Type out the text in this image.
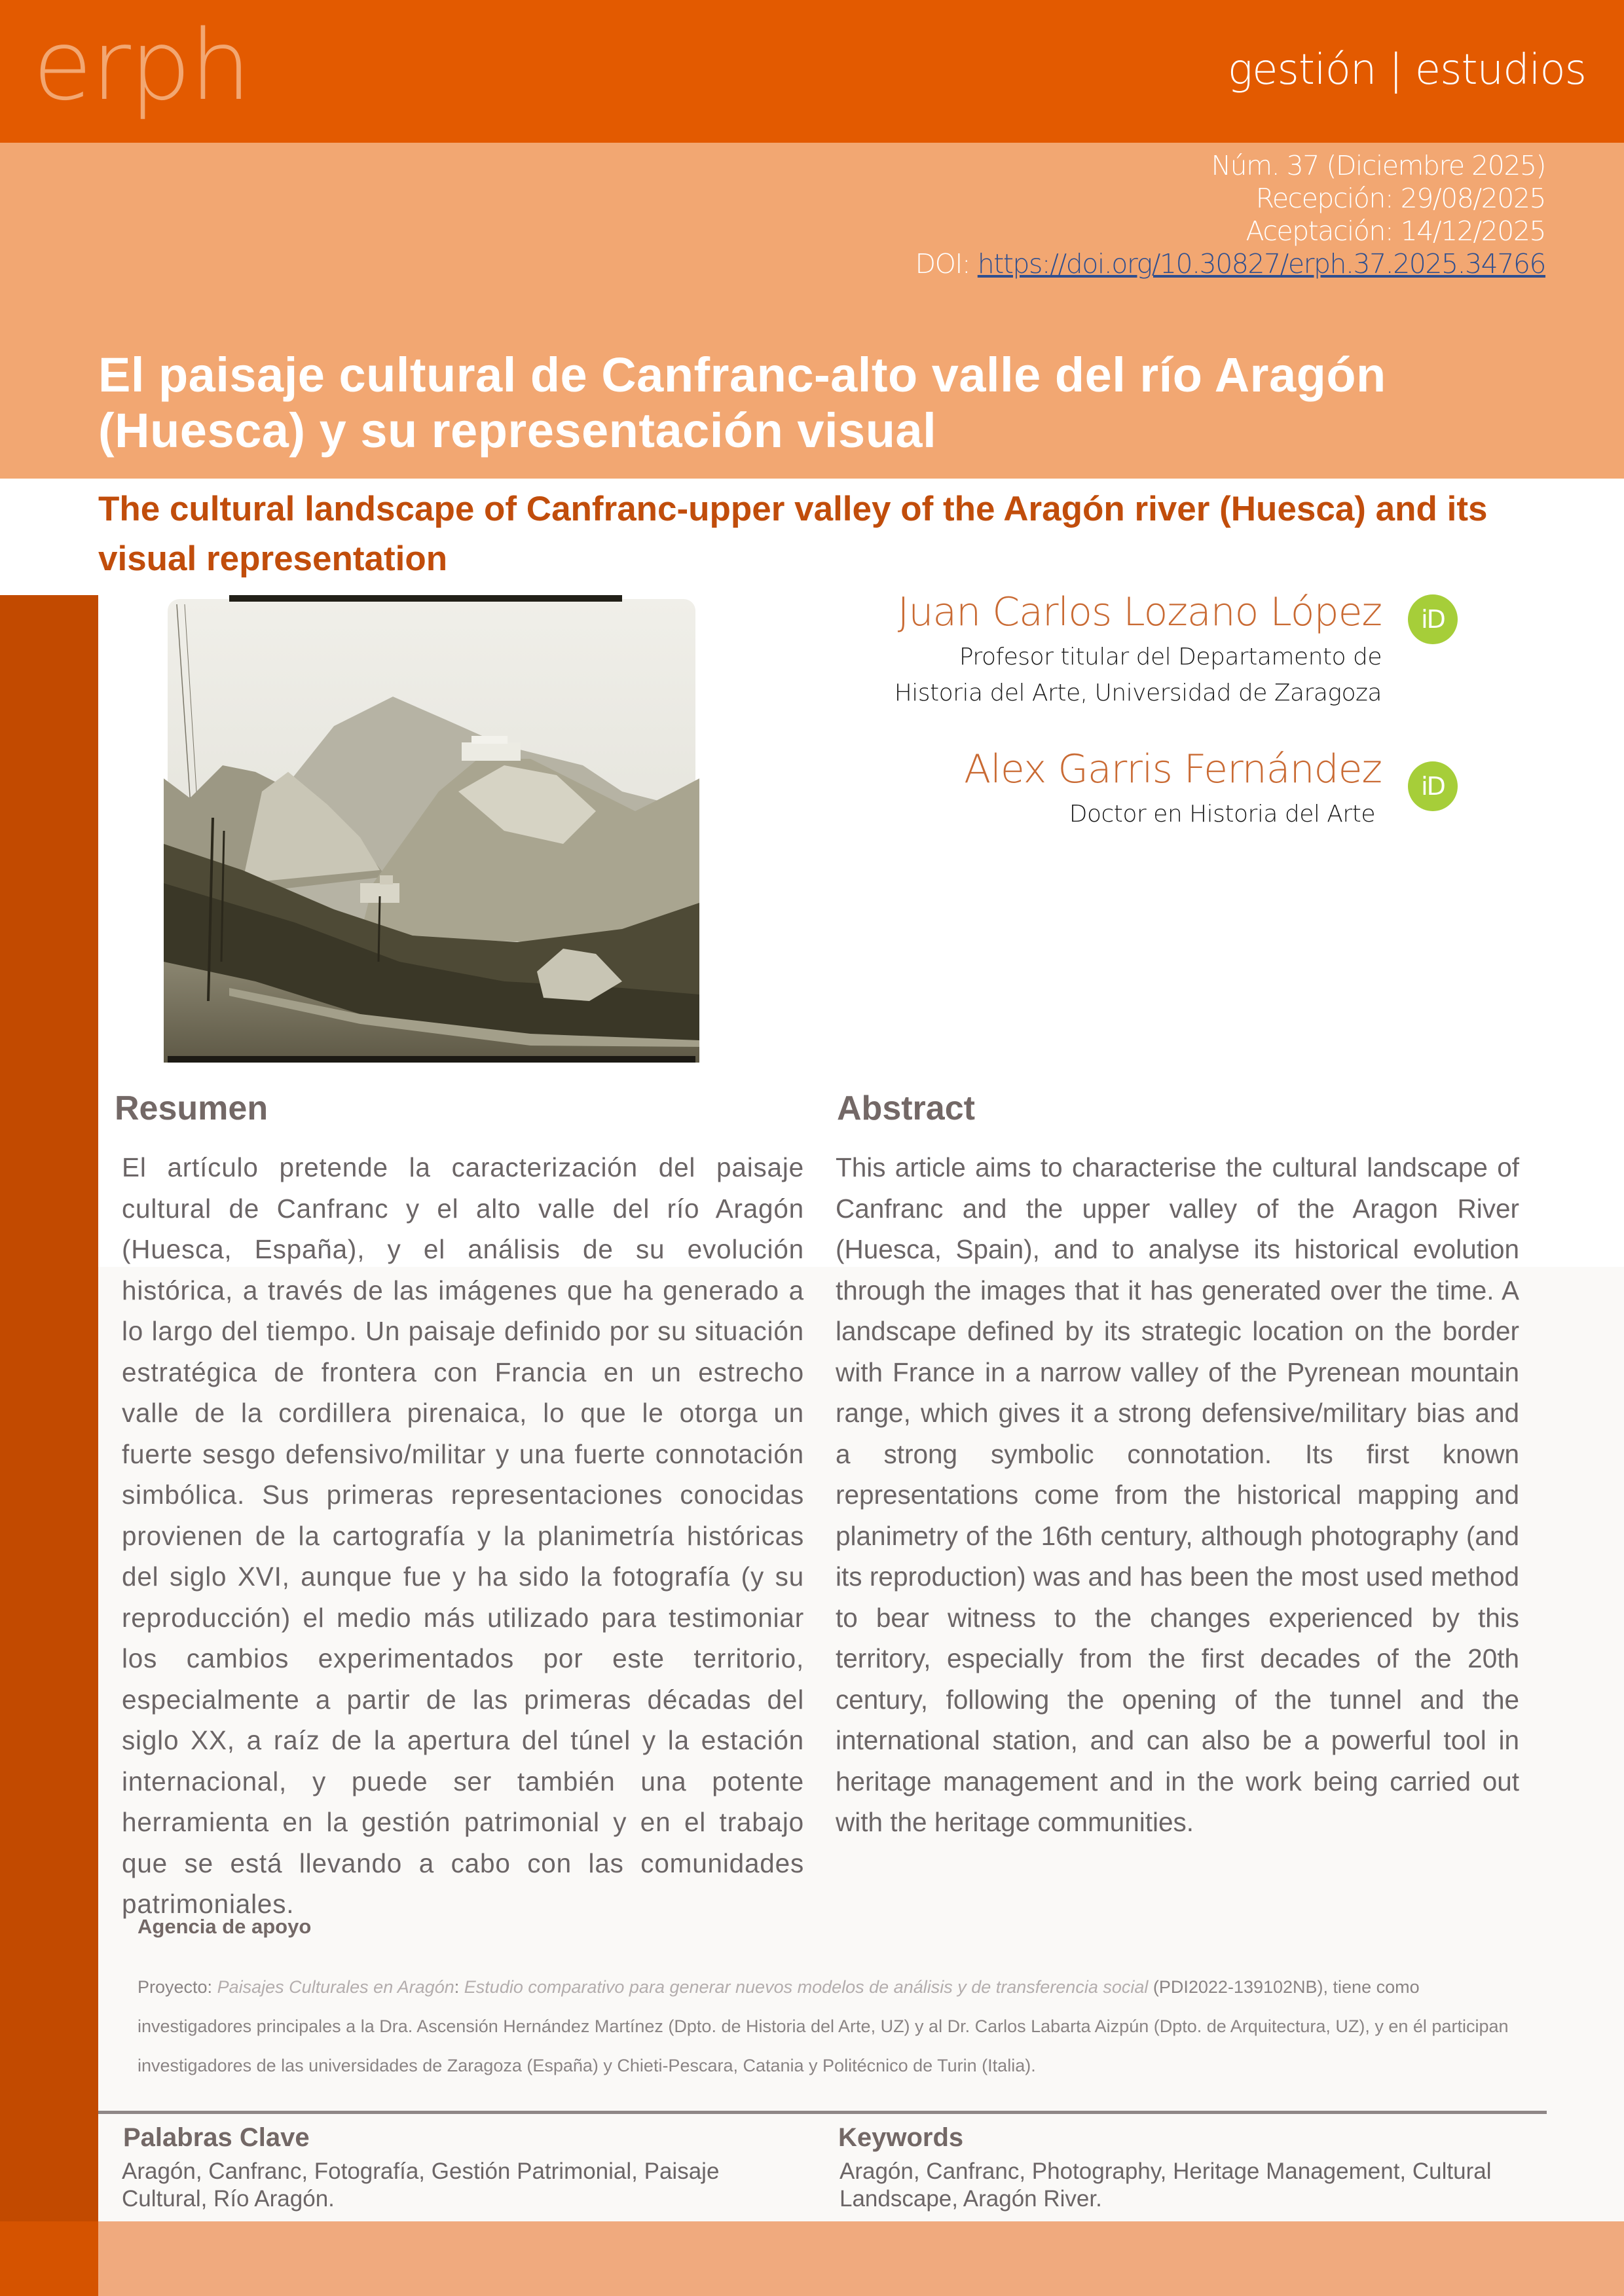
erph	gestión | estudios
Núm. 37 (Diciembre 2025)
Recepción: 29/08/2025
Aceptación: 14/12/2025
DOI: https://doi.org/10.30827/erph.37.2025.34766
El paisaje cultural de Canfranc-alto valle del río Aragón (Huesca) y su representación visual
The cultural landscape of Canfranc-upper valley of the Aragón river (Huesca) and its visual representation
Juan Carlos Lozano López
Profesor titular del Departamento de
Historia del Arte, Universidad de Zaragoza
iD
Alex Garris Fernández
Doctor en Historia del Arte
iD
Resumen

El artículo pretende la caracterización del paisaje cultural de Canfranc y el alto valle del río Aragón (Huesca, España), y el análisis de su evolución histórica, a través de las imágenes que ha generado a lo largo del tiempo. Un paisaje definido por su situación estratégica de frontera con Francia en un estrecho valle de la cordillera pirenaica, lo que le otorga un fuerte sesgo defensivo/militar y una fuerte connotación simbólica. Sus primeras representaciones conocidas provienen de la cartografía y la planimetría históricas del siglo XVI, aunque fue y ha sido la fotografía (y su reproducción) el medio más utilizado para testimoniar los cambios experimentados por este territorio, especialmente a partir de las primeras décadas del siglo XX, a raíz de la apertura del túnel y la estación internacional, y puede ser también una potente herramienta en la gestión patrimonial y en el trabajo que se está llevando a cabo con las comunidades patrimoniales.

Abstract

This article aims to characterise the cultural landscape of Canfranc and the upper valley of the Aragon River (Huesca, Spain), and to analyse its historical evolution through the images that it has generated over the time. A landscape defined by its strategic location on the border with France in a narrow valley of the Pyrenean mountain range, which gives it a strong defensive/military bias and a strong symbolic connotation. Its first known representations come from the historical mapping and planimetry of the 16th century, although photography (and its reproduction) was and has been the most used method to bear witness to the changes experienced by this territory, especially from the first decades of the 20th century, following the opening of the tunnel and the international station, and can also be a powerful tool in heritage management and in the work being carried out with the heritage communities.

Agencia de apoyo

Proyecto: Paisajes Culturales en Aragón: Estudio comparativo para generar nuevos modelos de análisis y de transferencia social (PDI2022-139102NB), tiene como investigadores principales a la Dra. Ascensión Hernández Martínez (Dpto. de Historia del Arte, UZ) y al Dr. Carlos Labarta Aizpún (Dpto. de Arquitectura, UZ), y en él participan investigadores de las universidades de Zaragoza (España) y Chieti-Pescara, Catania y Politécnico de Turin (Italia).

Palabras Clave

Aragón, Canfranc, Fotografía, Gestión Patrimonial, Paisaje Cultural, Río Aragón.

Keywords

Aragón, Canfranc, Photography, Heritage Management, Cultural Landscape, Aragón River.
